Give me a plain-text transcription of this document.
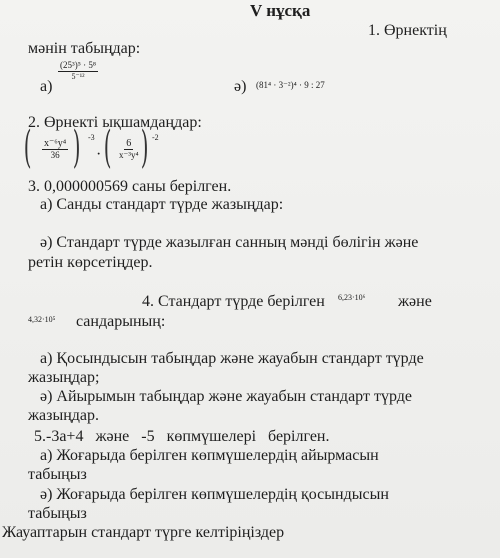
V нұсқа
1. Өрнектің
мәнін табыңдар:
а)
$\frac{\text{(25³)⁵ · 5⁸}}{\text{5⁻¹²}}$
ә) (81⁴ · 3⁻²)⁴ · 9 : 27
2. Өрнекті ықшамдаңдар:
( $\frac{\text{x⁻⁶y⁴}}{36}$ ) -3
· ( $\frac{6}{\text{x⁻³y⁴}}$ ) -2
3. 0,000000569 саны берілген.
а) Санды стандарт түрде жазыңдар:
ә) Стандарт түрде жазылған санның мәнді бөлігін және
ретін көрсетіңдер.
4. Стандарт түрде берілген 6,23·10⁶ және
4,32·10⁵ сандарының:
а) Қосындысын табыңдар және жауабын стандарт түрде
жазыңдар;
ә) Айырымын табыңдар және жауабын стандарт түрде
жазыңдар.
5.-3а+4   және   -5   көпмүшелері   берілген.
а) Жоғарыда берілген көпмүшелердің айырмасын
табыңыз
ә) Жоғарыда берілген көпмүшелердің қосындысын
табыңыз
Жауаптарын стандарт түрге келтіріңіздер
